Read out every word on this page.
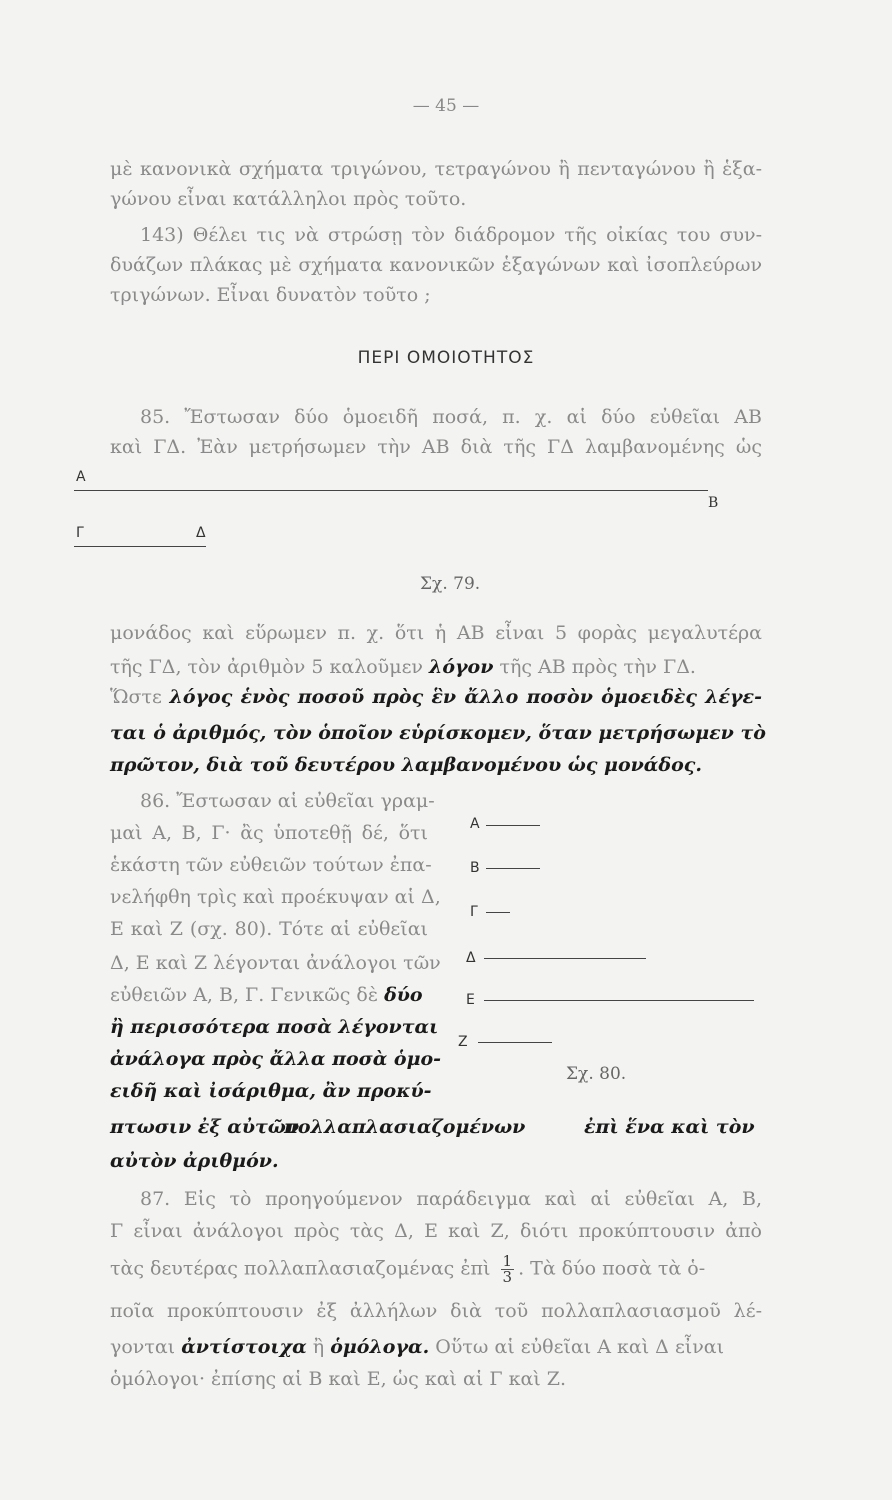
— 45 —
μὲ κανονικὰ σχήματα τριγώνου, τετραγώνου ἢ πενταγώνου ἢ ἑξα-
γώνου εἶναι κατάλληλοι πρὸς τοῦτο.
143) Θέλει τις νὰ στρώσῃ τὸν διάδρομον τῆς οἰκίας του συν-
δυάζων πλάκας μὲ σχήματα κανονικῶν ἑξαγώνων καὶ ἰσοπλεύρων
τριγώνων. Εἶναι δυνατὸν τοῦτο ;
ΠΕΡΙ ΟΜΟΙΟΤΗΤΟΣ
85. Ἔστωσαν δύο ὁμοειδῆ ποσά, π. χ. αἱ δύο εὐθεῖαι ΑΒ
καὶ ΓΔ. Ἐὰν μετρήσωμεν τὴν ΑΒ διὰ τῆς ΓΔ λαμβανομένης ὡς
Α
Β
Γ	Δ
Σχ. 79.
μονάδος καὶ εὕρωμεν π. χ. ὅτι ἡ ΑΒ εἶναι 5 φορὰς μεγαλυτέρα
τῆς ΓΔ, τὸν ἀριθμὸν 5 καλοῦμεν λόγον τῆς ΑΒ πρὸς τὴν ΓΔ.
Ὥστε λόγος ἑνὸς ποσοῦ πρὸς ἓν ἄλλο ποσὸν ὁμοειδὲς λέγε-
ται ὁ ἀριθμός, τὸν ὁποῖον εὑρίσκομεν, ὅταν μετρήσωμεν τὸ
πρῶτον, διὰ τοῦ δευτέρου λαμβανομένου ὡς μονάδος.
86. Ἔστωσαν αἱ εὐθεῖαι γραμ-
μαὶ Α, Β, Γ· ἂς ὑποτεθῇ δέ, ὅτι
ἑκάστη τῶν εὐθειῶν τούτων ἐπα-
νελήφθη τρὶς καὶ προέκυψαν αἱ Δ,
Ε καὶ Ζ (σχ. 80). Τότε αἱ εὐθεῖαι
Δ, Ε καὶ Ζ λέγονται ἀνάλογοι τῶν
εὐθειῶν Α, Β, Γ. Γενικῶς δὲ δύο
ἢ περισσότερα ποσὰ λέγονται
ἀνάλογα πρὸς ἄλλα ποσὰ ὁμο-
ειδῆ καὶ ἰσάριθμα, ἂν προκύ-
πτωσιν ἐξ αὐτῶν
πολλαπλασιαζομένων	ἐπὶ ἕνα καὶ τὸν
αὐτὸν ἀριθμόν.
Α
Β
Γ
Δ
Ε
Ζ
Σχ. 80.
87. Εἰς τὸ προηγούμενον παράδειγμα καὶ αἱ εὐθεῖαι Α, Β,
Γ εἶναι ἀνάλογοι πρὸς τὰς Δ, Ε καὶ Ζ, διότι προκύπτουσιν ἀπὸ
τὰς δευτέρας πολλαπλασιαζομένας ἐπὶ $\frac{1}{3}$ . Τὰ δύο ποσὰ τὰ ὁ-
ποῖα προκύπτουσιν ἐξ ἀλλήλων διὰ τοῦ πολλαπλασιασμοῦ λέ-
γονται ἀντίστοιχα ἢ ὁμόλογα. Οὕτω αἱ εὐθεῖαι Α καὶ Δ εἶναι
ὁμόλογοι· ἐπίσης αἱ Β καὶ Ε, ὡς καὶ αἱ Γ καὶ Ζ.
